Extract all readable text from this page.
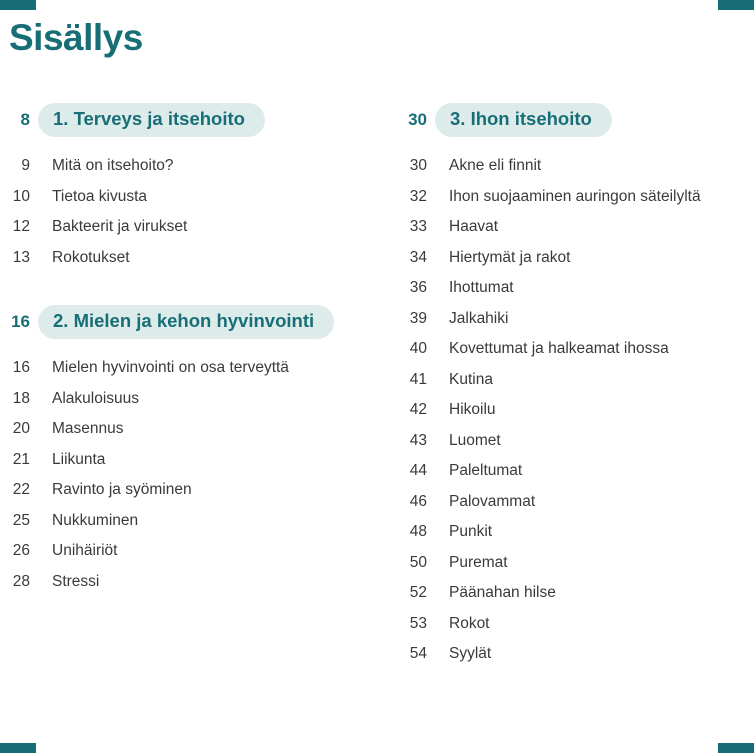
Sisällys
8 1. Terveys ja itsehoito
9 Mitä on itsehoito?
10 Tietoa kivusta
12 Bakteerit ja virukset
13 Rokotukset
16 2. Mielen ja kehon hyvinvointi
16 Mielen hyvinvointi on osa terveyttä
18 Alakuloisuus
20 Masennus
21 Liikunta
22 Ravinto ja syöminen
25 Nukkuminen
26 Unihäiriöt
28 Stressi
30 3. Ihon itsehoito
30 Akne eli finnit
32 Ihon suojaaminen auringon säteilyltä
33 Haavat
34 Hiertymät ja rakot
36 Ihottumat
39 Jalkahiki
40 Kovettumat ja halkeamat ihossa
41 Kutina
42 Hikoilu
43 Luomet
44 Paleltumat
46 Palovammat
48 Punkit
50 Puremat
52 Päänahan hilse
53 Rokot
54 Syylät
